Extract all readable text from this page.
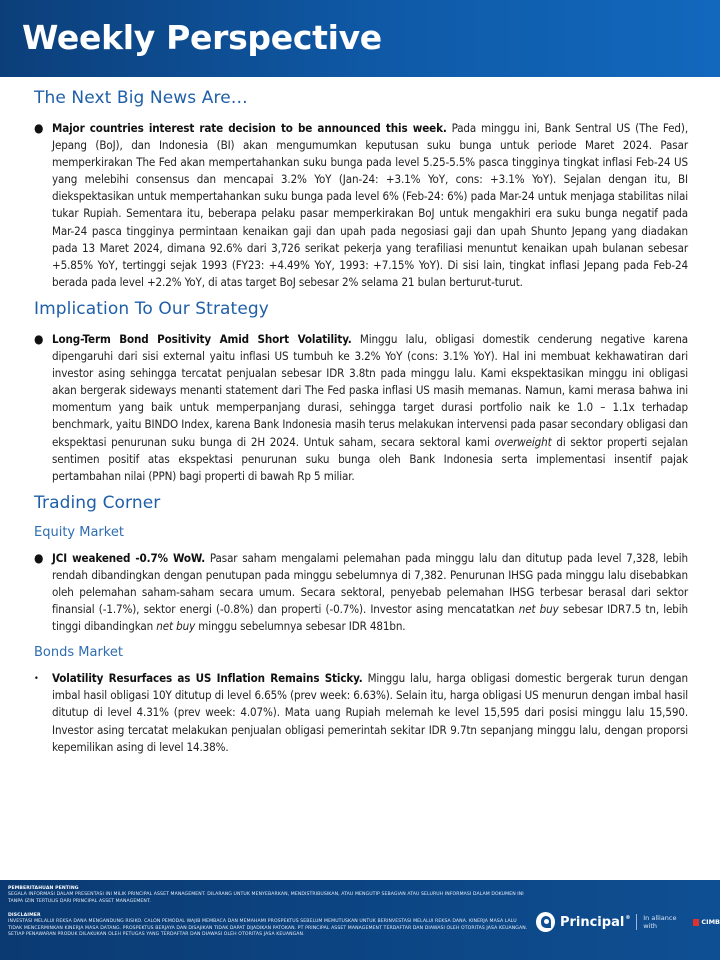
Weekly Perspective
The Next Big News Are…
● Major countries interest rate decision to be announced this week. Pada minggu ini, Bank Sentral US (The Fed), Jepang (BoJ), dan Indonesia (BI) akan mengumumkan keputusan suku bunga untuk periode Maret 2024. Pasar memperkirakan The Fed akan mempertahankan suku bunga pada level 5.25-5.5% pasca tingginya tingkat inflasi Feb-24 US yang melebihi consensus dan mencapai 3.2% YoY (Jan-24: +3.1% YoY, cons: +3.1% YoY). Sejalan dengan itu, BI diekspektasikan untuk mempertahankan suku bunga pada level 6% (Feb-24: 6%) pada Mar-24 untuk menjaga stabilitas nilai tukar Rupiah. Sementara itu, beberapa pelaku pasar memperkirakan BoJ untuk mengakhiri era suku bunga negatif pada Mar-24 pasca tingginya permintaan kenaikan gaji dan upah pada negosiasi gaji dan upah Shunto Jepang yang diadakan pada 13 Maret 2024, dimana 92.6% dari 3,726 serikat pekerja yang terafiliasi menuntut kenaikan upah bulanan sebesar +5.85% YoY, tertinggi sejak 1993 (FY23: +4.49% YoY, 1993: +7.15% YoY). Di sisi lain, tingkat inflasi Jepang pada Feb-24 berada pada level +2.2% YoY, di atas target BoJ sebesar 2% selama 21 bulan berturut-turut.
Implication To Our Strategy
● Long-Term Bond Positivity Amid Short Volatility. Minggu lalu, obligasi domestik cenderung negative karena dipengaruhi dari sisi external yaitu inflasi US tumbuh ke 3.2% YoY (cons: 3.1% YoY). Hal ini membuat kekhawatiran dari investor asing sehingga tercatat penjualan sebesar IDR 3.8tn pada minggu lalu. Kami ekspektasikan minggu ini obligasi akan bergerak sideways menanti statement dari The Fed paska inflasi US masih memanas. Namun, kami merasa bahwa ini momentum yang baik untuk memperpanjang durasi, sehingga target durasi portfolio naik ke 1.0 – 1.1x terhadap benchmark, yaitu BINDO Index, karena Bank Indonesia masih terus melakukan intervensi pada pasar secondary obligasi dan ekspektasi penurunan suku bunga di 2H 2024. Untuk saham, secara sektoral kami overweight di sektor properti sejalan sentimen positif atas ekspektasi penurunan suku bunga oleh Bank Indonesia serta implementasi insentif pajak pertambahan nilai (PPN) bagi properti di bawah Rp 5 miliar.
Trading Corner
Equity Market
● JCI weakened -0.7% WoW. Pasar saham mengalami pelemahan pada minggu lalu dan ditutup pada level 7,328, lebih rendah dibandingkan dengan penutupan pada minggu sebelumnya di 7,382. Penurunan IHSG pada minggu lalu disebabkan oleh pelemahan saham-saham secara umum. Secara sektoral, penyebab pelemahan IHSG terbesar berasal dari sektor finansial (-1.7%), sektor energi (-0.8%) dan properti (-0.7%). Investor asing mencatatkan net buy sebesar IDR7.5 tn, lebih tinggi dibandingkan net buy minggu sebelumnya sebesar IDR 481bn.
Bonds Market
• Volatility Resurfaces as US Inflation Remains Sticky. Minggu lalu, harga obligasi domestic bergerak turun dengan imbal hasil obligasi 10Y ditutup di level 6.65% (prev week: 6.63%). Selain itu, harga obligasi US menurun dengan imbal hasil ditutup di level 4.31% (prev week: 4.07%). Mata uang Rupiah melemah ke level 15,595 dari posisi minggu lalu 15,590. Investor asing tercatat melakukan penjualan obligasi pemerintah sekitar IDR 9.7tn sepanjang minggu lalu, dengan proporsi kepemilikan asing di level 14.38%.
PEMBERITAHUAN PENTING
SEGALA INFORMASI DALAM PRESENTASI INI MILIK PRINCIPAL ASSET MANAGEMENT. DILARANG UNTUK MENYEBARKAN, MENDISTRIBUSIKAN, ATAU MENGUTIP SEBAGIAN ATAU SELURUH INFORMASI DALAM DOKUMEN INI TANPA IZIN TERTULIS DARI PRINCIPAL ASSET MANAGEMENT.
DISCLAIMER
INVESTASI MELALUI REKSA DANA MENGANDUNG RISIKO. CALON PEMODAL WAJIB MEMBACA DAN MEMAHAMI PROSPEKTUS SEBELUM MEMUTUSKAN UNTUK BERINVESTASI MELALUI REKSA DANA. KINERJA MASA LALU TIDAK MENCERMINKAN KINERJA MASA DATANG. PROSPEKTUS BERJAYA DAN DISAJIKAN TIDAK DAPAT DIJADIKAN PATOKAN. PT PRINCIPAL ASSET MANAGEMENT TERDAFTAR DAN DIAWASI OLEH OTORITAS JASA KEUANGAN. SETIAP PENAWARAN PRODUK DILAKUKAN OLEH PETUGAS YANG TERDAFTAR DAN DIAWASI OLEH OTORITAS JASA KEUANGAN.
Principal® In alliance with	CIMB
